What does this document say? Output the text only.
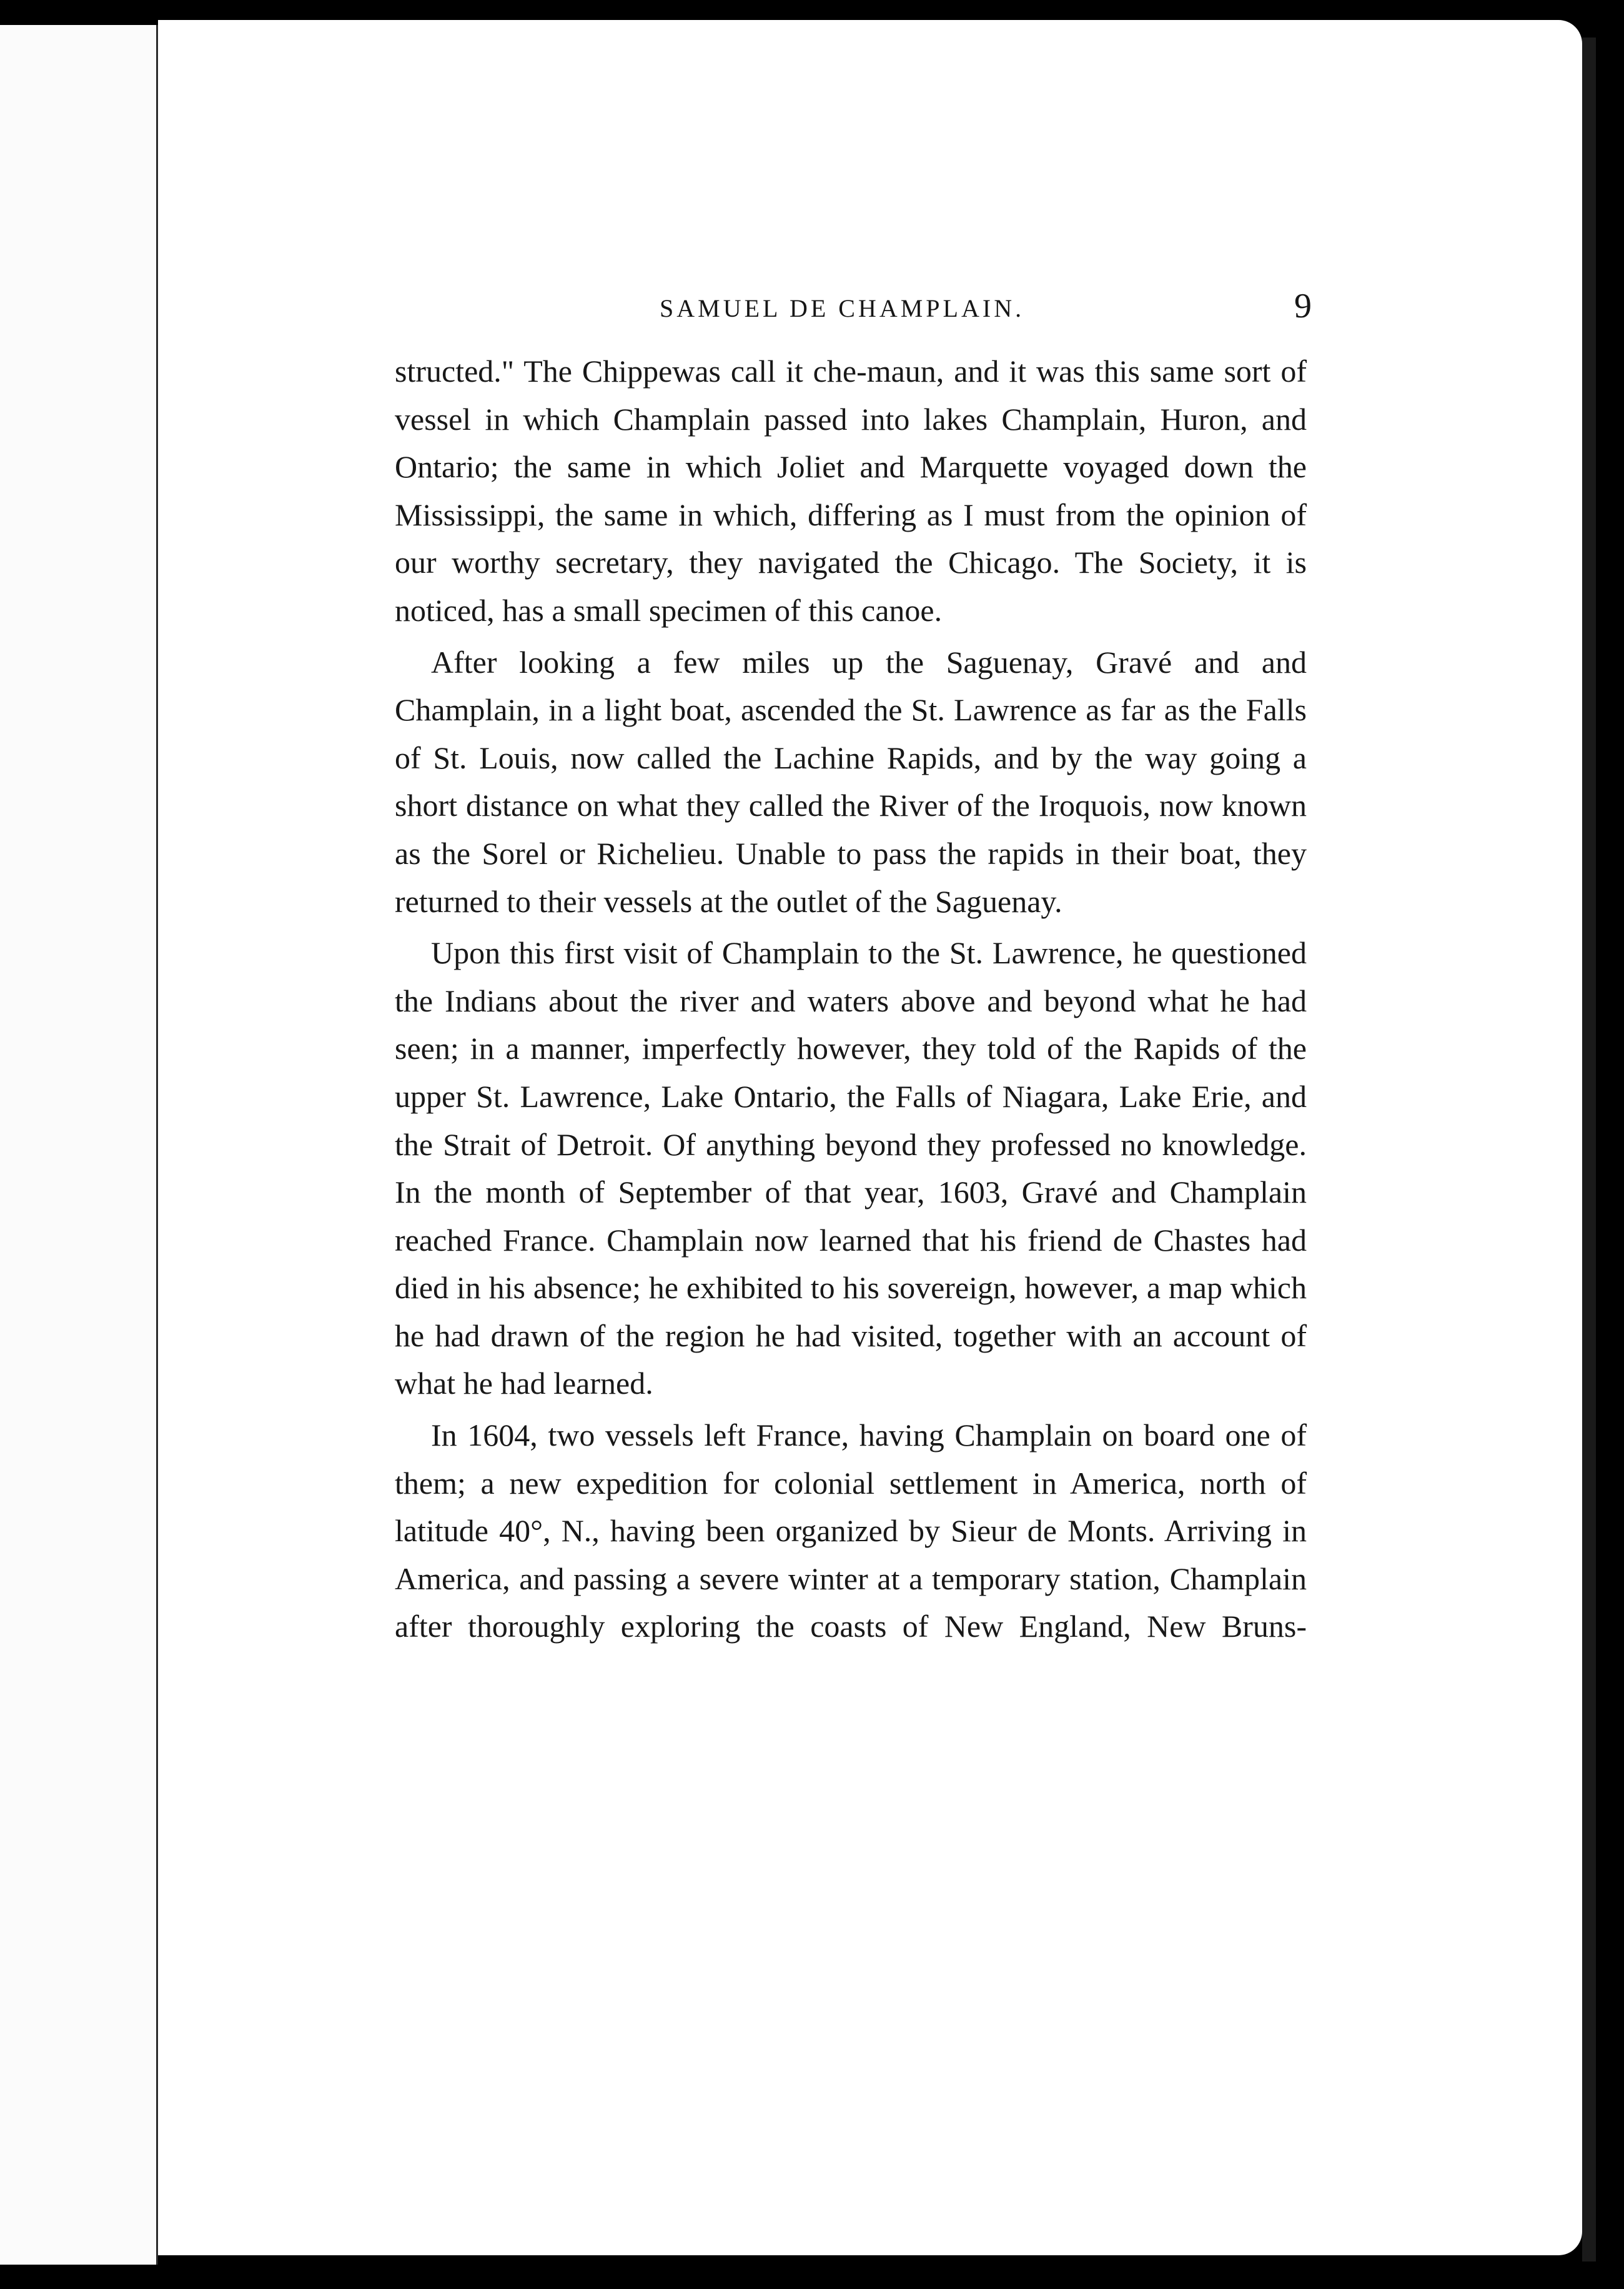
SAMUEL DE CHAMPLAIN.	9

structed." The Chippewas call it che-maun, and it was this same sort of vessel in which Champlain passed into lakes Champlain, Huron, and Ontario; the same in which Joliet and Marquette voyaged down the Mississippi, the same in which, differing as I must from the opinion of our worthy secretary, they navigated the Chicago. The Society, it is noticed, has a small specimen of this canoe.

After looking a few miles up the Saguenay, Gravé and and Champlain, in a light boat, ascended the St. Lawrence as far as the Falls of St. Louis, now called the Lachine Rapids, and by the way going a short distance on what they called the River of the Iroquois, now known as the Sorel or Richelieu. Unable to pass the rapids in their boat, they returned to their vessels at the outlet of the Saguenay.

Upon this first visit of Champlain to the St. Lawrence, he questioned the Indians about the river and waters above and beyond what he had seen; in a manner, imperfectly however, they told of the Rapids of the upper St. Lawrence, Lake Ontario, the Falls of Niagara, Lake Erie, and the Strait of Detroit. Of anything beyond they professed no knowledge. In the month of September of that year, 1603, Gravé and Champlain reached France. Champlain now learned that his friend de Chastes had died in his absence; he exhibited to his sovereign, however, a map which he had drawn of the region he had visited, together with an account of what he had learned.

In 1604, two vessels left France, having Champlain on board one of them; a new expedition for colonial settlement in America, north of latitude 40°, N., having been organized by Sieur de Monts. Arriving in America, and passing a severe winter at a temporary station, Champlain after thoroughly exploring the coasts of New England, New Bruns-
